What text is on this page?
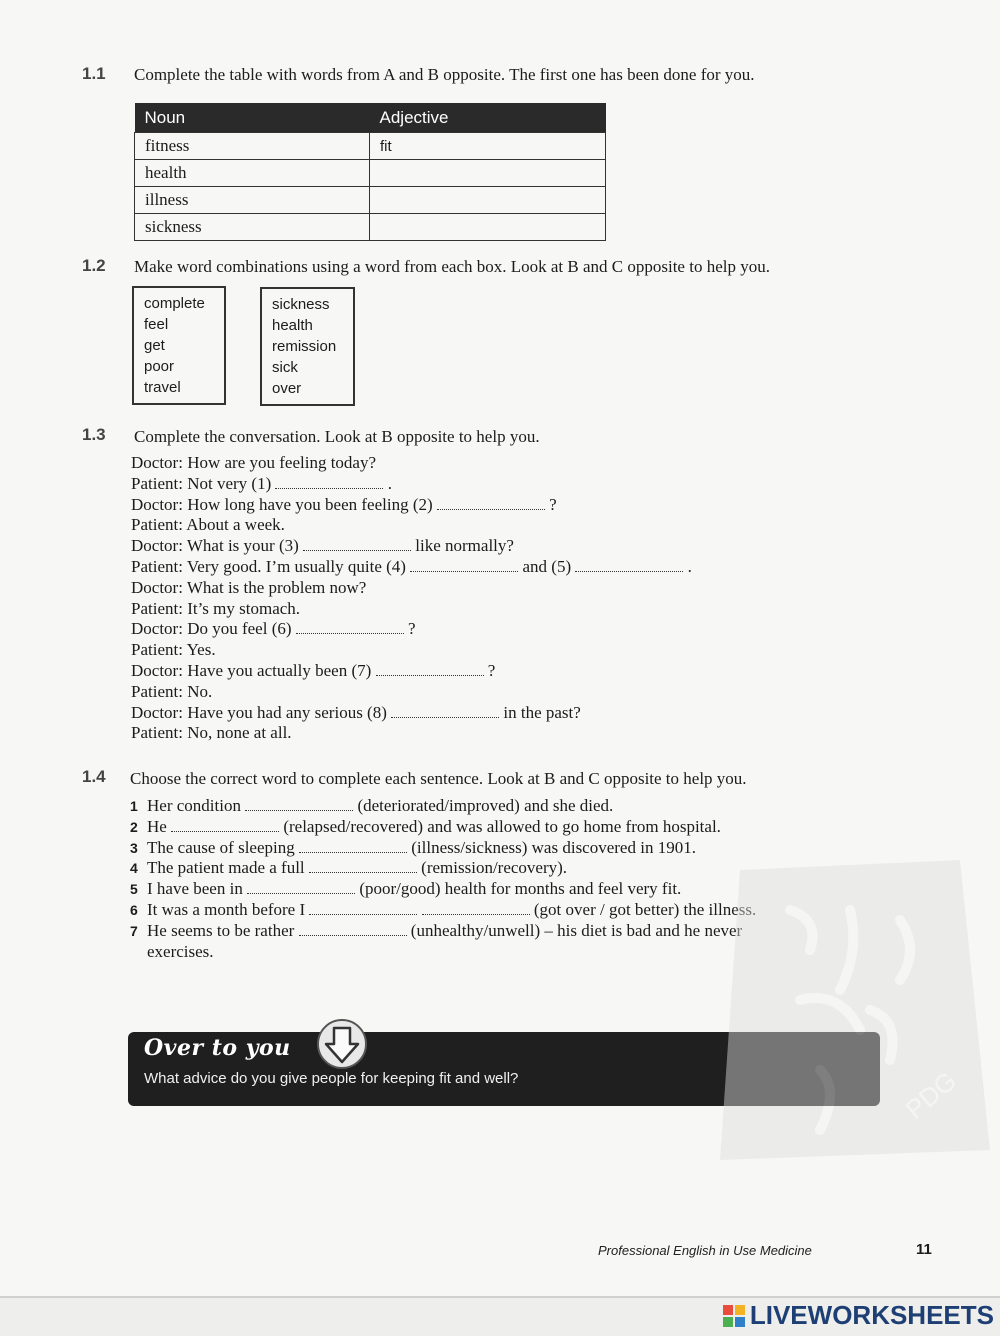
1.1 Complete the table with words from A and B opposite. The first one has been done for you.
Noun	Adjective
fitness	fit
health	
illness	
sickness	
1.2 Make word combinations using a word from each box. Look at B and C opposite to help you.
complete
feel
get
poor
travel
sickness
health
remission
sick
over
1.3 Complete the conversation. Look at B opposite to help you.
Doctor: How are you feeling today?
Patient: Not very (1)	.
Doctor: How long have you been feeling (2)	?
Patient: About a week.
Doctor: What is your (3)	like normally?
Patient: Very good. I’m usually quite (4)	and (5)	.
Doctor: What is the problem now?
Patient: It’s my stomach.
Doctor: Do you feel (6)	?
Patient: Yes.
Doctor: Have you actually been (7)	?
Patient: No.
Doctor: Have you had any serious (8)	in the past?
Patient: No, none at all.
1.4 Choose the correct word to complete each sentence. Look at B and C opposite to help you.
1 Her condition	(deteriorated/improved) and she died.
2 He	(relapsed/recovered) and was allowed to go home from hospital.
3 The cause of sleeping	(illness/sickness) was discovered in 1901.
4 The patient made a full	(remission/recovery).
5 I have been in	(poor/good) health for months and feel very fit.
6 It was a month before I	(got over / got better) the illness.
7 He seems to be rather	(unhealthy/unwell) – his diet is bad and he never
exercises.
Over to you
What advice do you give people for keeping fit and well?	PDG
Professional English in Use Medicine	11
LIVEWORKSHEETS
